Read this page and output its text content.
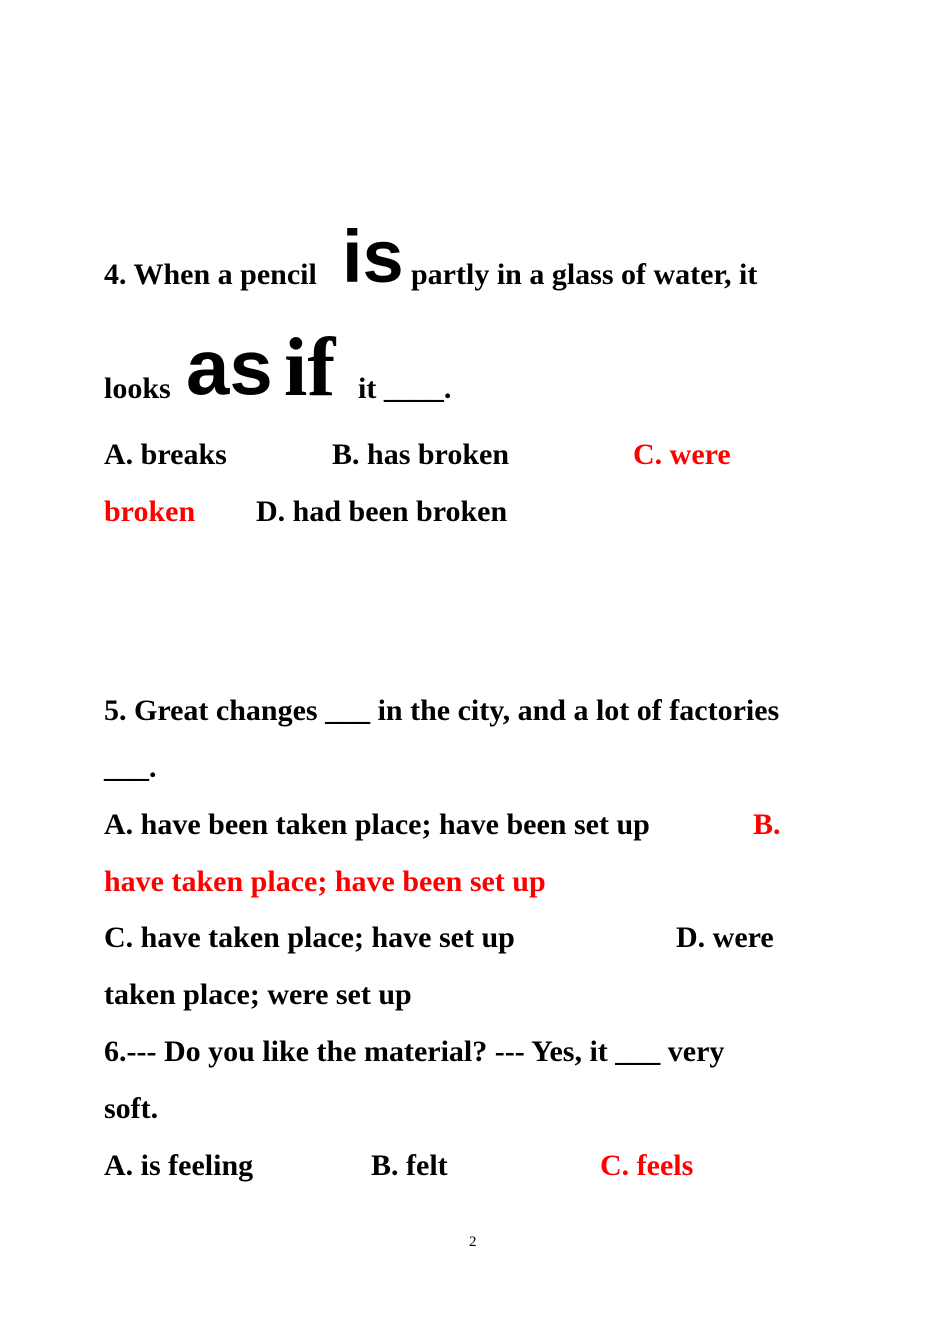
4. When a pencil is partly in a glass of water, it
looks as if it ____.
A. breaks	B. has broken	C. were
broken D. had been broken
5. Great changes ___ in the city, and a lot of factories
___.
A. have been taken place; have been set up	B.
have taken place; have been set up
C. have taken place; have set up	D. were
taken place; were set up
6.--- Do you like the material? --- Yes, it ___ very
soft.
A. is feeling	B. felt	C. feels
2
